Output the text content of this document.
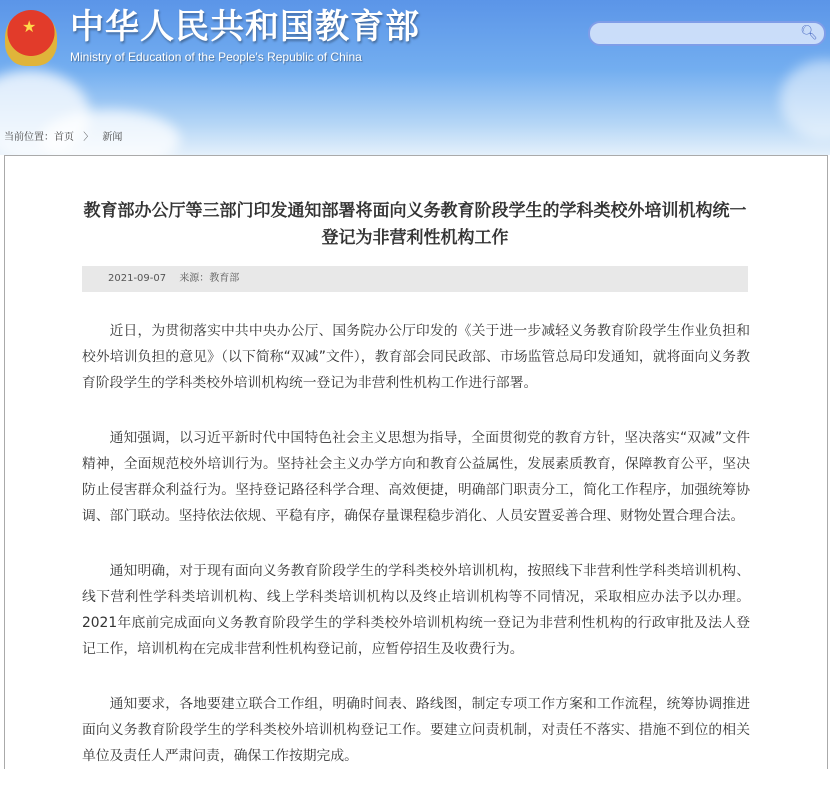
★ 中华人民共和国教育部
Ministry of Education of the People's Republic of China
🔍︎
当前位置：首页 〉 新闻
教育部办公厅等三部门印发通知部署将面向义务教育阶段学生的学科类校外培训机构统一登记为非营利性机构工作
2021-09-07 来源：教育部

近日，为贯彻落实中共中央办公厅、国务院办公厅印发的《关于进一步减轻义务教育阶段学生作业负担和校外培训负担的意见》（以下简称“双减”文件），教育部会同民政部、市场监管总局印发通知，就将面向义务教育阶段学生的学科类校外培训机构统一登记为非营利性机构工作进行部署。

通知强调，以习近平新时代中国特色社会主义思想为指导，全面贯彻党的教育方针，坚决落实“双减”文件精神，全面规范校外培训行为。坚持社会主义办学方向和教育公益属性，发展素质教育，保障教育公平，坚决防止侵害群众利益行为。坚持登记路径科学合理、高效便捷，明确部门职责分工，简化工作程序，加强统筹协调、部门联动。坚持依法依规、平稳有序，确保存量课程稳步消化、人员安置妥善合理、财物处置合理合法。

通知明确，对于现有面向义务教育阶段学生的学科类校外培训机构，按照线下非营利性学科类培训机构、线下营利性学科类培训机构、线上学科类培训机构以及终止培训机构等不同情况，采取相应办法予以办理。2021年底前完成面向义务教育阶段学生的学科类校外培训机构统一登记为非营利性机构的行政审批及法人登记工作，培训机构在完成非营利性机构登记前，应暂停招生及收费行为。

通知要求，各地要建立联合工作组，明确时间表、路线图，制定专项工作方案和工作流程，统筹协调推进面向义务教育阶段学生的学科类校外培训机构登记工作。要建立问责机制，对责任不落实、措施不到位的相关单位及责任人严肃问责，确保工作按期完成。
